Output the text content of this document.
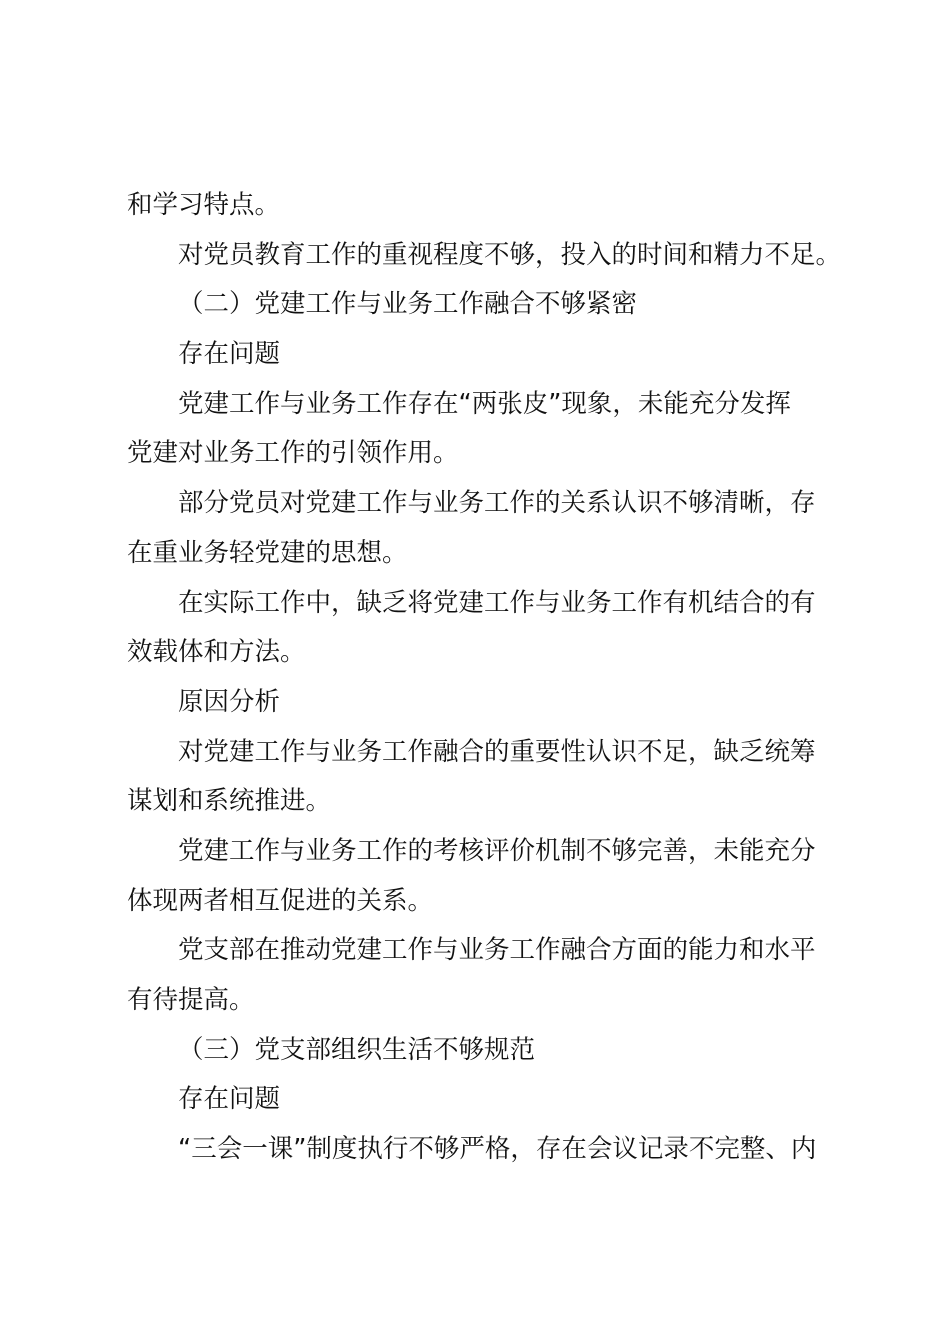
和学习特点。
对党员教育工作的重视程度不够，投入的时间和精力不足。
（二）党建工作与业务工作融合不够紧密
存在问题
党建工作与业务工作存在“两张皮”现象，未能充分发挥
党建对业务工作的引领作用。
部分党员对党建工作与业务工作的关系认识不够清晰，存
在重业务轻党建的思想。
在实际工作中，缺乏将党建工作与业务工作有机结合的有
效载体和方法。
原因分析
对党建工作与业务工作融合的重要性认识不足，缺乏统筹
谋划和系统推进。
党建工作与业务工作的考核评价机制不够完善，未能充分
体现两者相互促进的关系。
党支部在推动党建工作与业务工作融合方面的能力和水平
有待提高。
（三）党支部组织生活不够规范
存在问题
“三会一课”制度执行不够严格，存在会议记录不完整、内
